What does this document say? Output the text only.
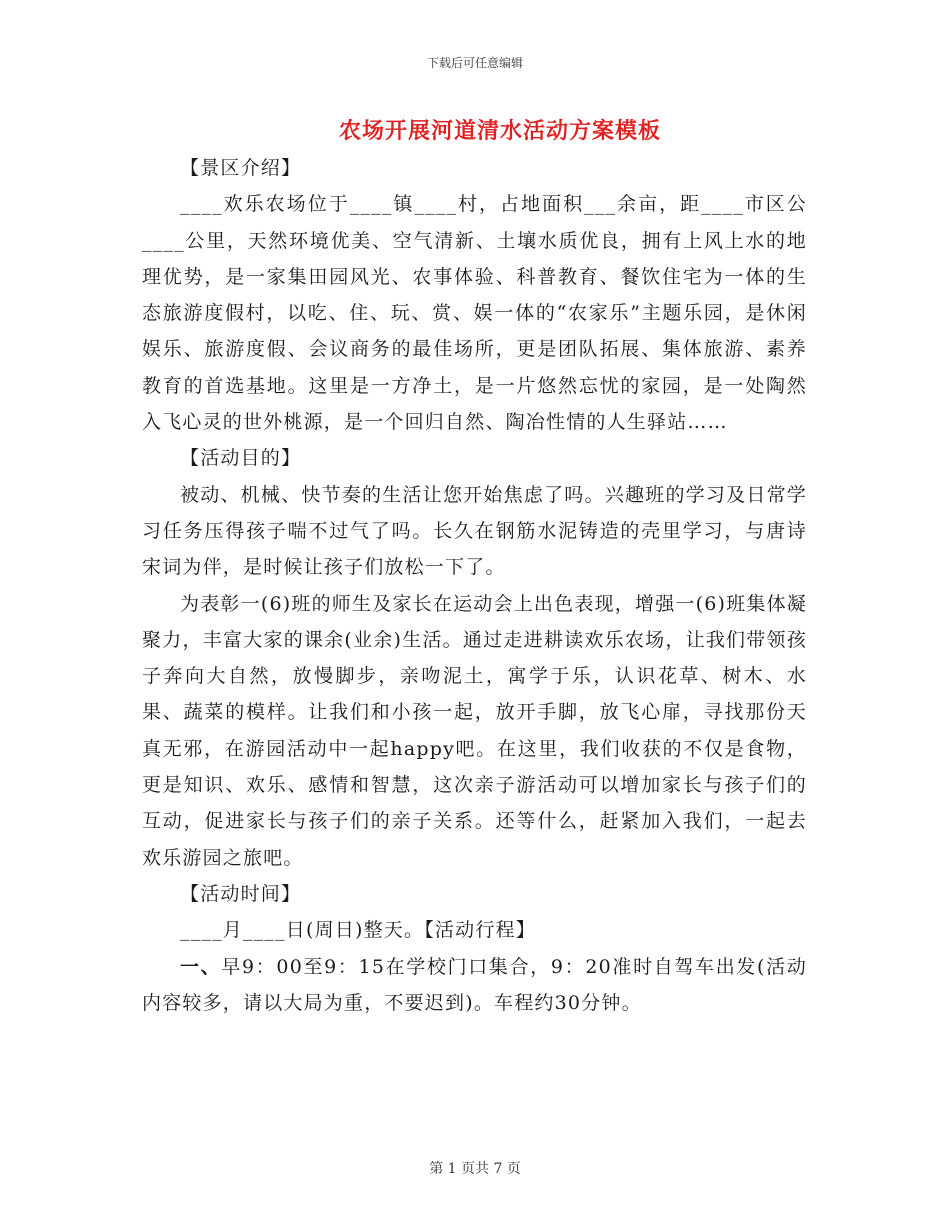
下载后可任意编辑
农场开展河道清水活动方案模板

【景区介绍】

____欢乐农场位于____镇____村，占地面积___余亩，距____市区公____公里，天然环境优美、空气清新、土壤水质优良，拥有上风上水的地理优势，是一家集田园风光、农事体验、科普教育、餐饮住宅为一体的生态旅游度假村，以吃、住、玩、赏、娱一体的“农家乐”主题乐园，是休闲娱乐、旅游度假、会议商务的最佳场所，更是团队拓展、集体旅游、素养教育的首选基地。这里是一方净土，是一片悠然忘忧的家园，是一处陶然入飞心灵的世外桃源，是一个回归自然、陶冶性情的人生驿站……

【活动目的】

被动、机械、快节奏的生活让您开始焦虑了吗。兴趣班的学习及日常学习任务压得孩子喘不过气了吗。长久在钢筋水泥铸造的壳里学习，与唐诗宋词为伴，是时候让孩子们放松一下了。

为表彰一(6)班的师生及家长在运动会上出色表现，增强一(6)班集体凝聚力，丰富大家的课余(业余)生活。通过走进耕读欢乐农场，让我们带领孩子奔向大自然，放慢脚步，亲吻泥土，寓学于乐，认识花草、树木、水果、蔬菜的模样。让我们和小孩一起，放开手脚，放飞心扉，寻找那份天真无邪，在游园活动中一起happy吧。在这里，我们收获的不仅是食物，更是知识、欢乐、感情和智慧，这次亲子游活动可以增加家长与孩子们的互动，促进家长与孩子们的亲子关系。还等什么，赶紧加入我们，一起去欢乐游园之旅吧。

【活动时间】

____月____日(周日)整天。【活动行程】

一、早9：00至9：15在学校门口集合，9：20准时自驾车出发(活动内容较多，请以大局为重，不要迟到)。车程约30分钟。

第 1 页共 7 页
